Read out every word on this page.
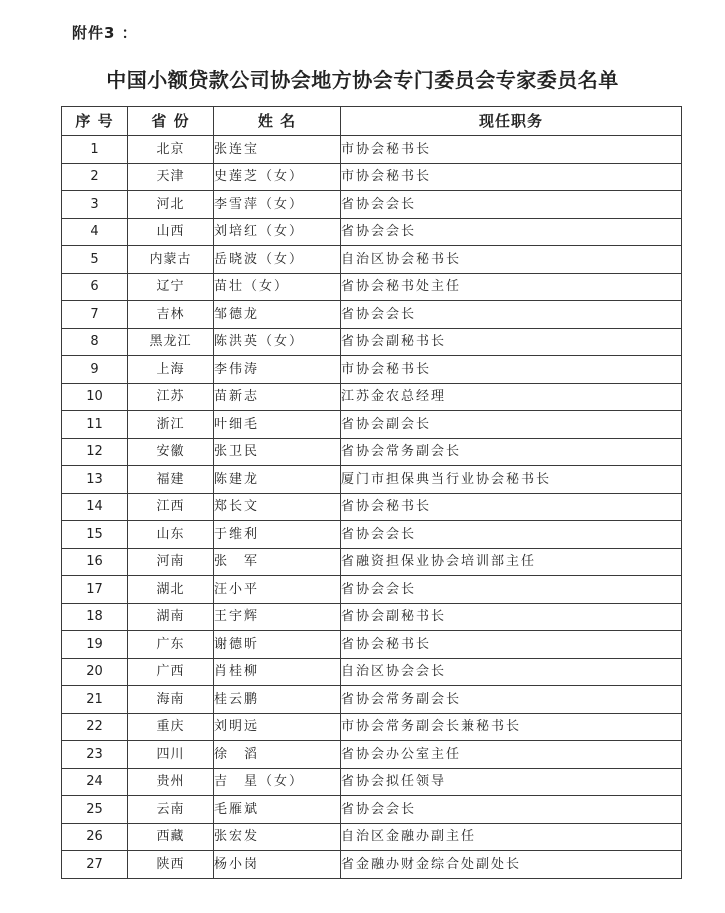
附件3 ：
中国小额贷款公司协会地方协会专门委员会专家委员名单
序 号	省 份	姓 名	现任职务
1	北京	张连宝	市协会秘书长
2	天津	史莲芝（女）	市协会秘书长
3	河北	李雪萍（女）	省协会会长
4	山西	刘培红（女）	省协会会长
5	内蒙古	岳晓波（女）	自治区协会秘书长
6	辽宁	苗壮（女）	省协会秘书处主任
7	吉林	邹德龙	省协会会长
8	黑龙江	陈洪英（女）	省协会副秘书长
9	上海	李伟涛	市协会秘书长
10	江苏	苗新志	江苏金农总经理
11	浙江	叶细毛	省协会副会长
12	安徽	张卫民	省协会常务副会长
13	福建	陈建龙	厦门市担保典当行业协会秘书长
14	江西	郑长文	省协会秘书长
15	山东	于维利	省协会会长
16	河南	张　军	省融资担保业协会培训部主任
17	湖北	汪小平	省协会会长
18	湖南	王宇辉	省协会副秘书长
19	广东	谢德昕	省协会秘书长
20	广西	肖桂柳	自治区协会会长
21	海南	桂云鹏	省协会常务副会长
22	重庆	刘明远	市协会常务副会长兼秘书长
23	四川	徐　滔	省协会办公室主任
24	贵州	吉　星（女）	省协会拟任领导
25	云南	毛雁斌	省协会会长
26	西藏	张宏发	自治区金融办副主任
27	陕西	杨小岗	省金融办财金综合处副处长
